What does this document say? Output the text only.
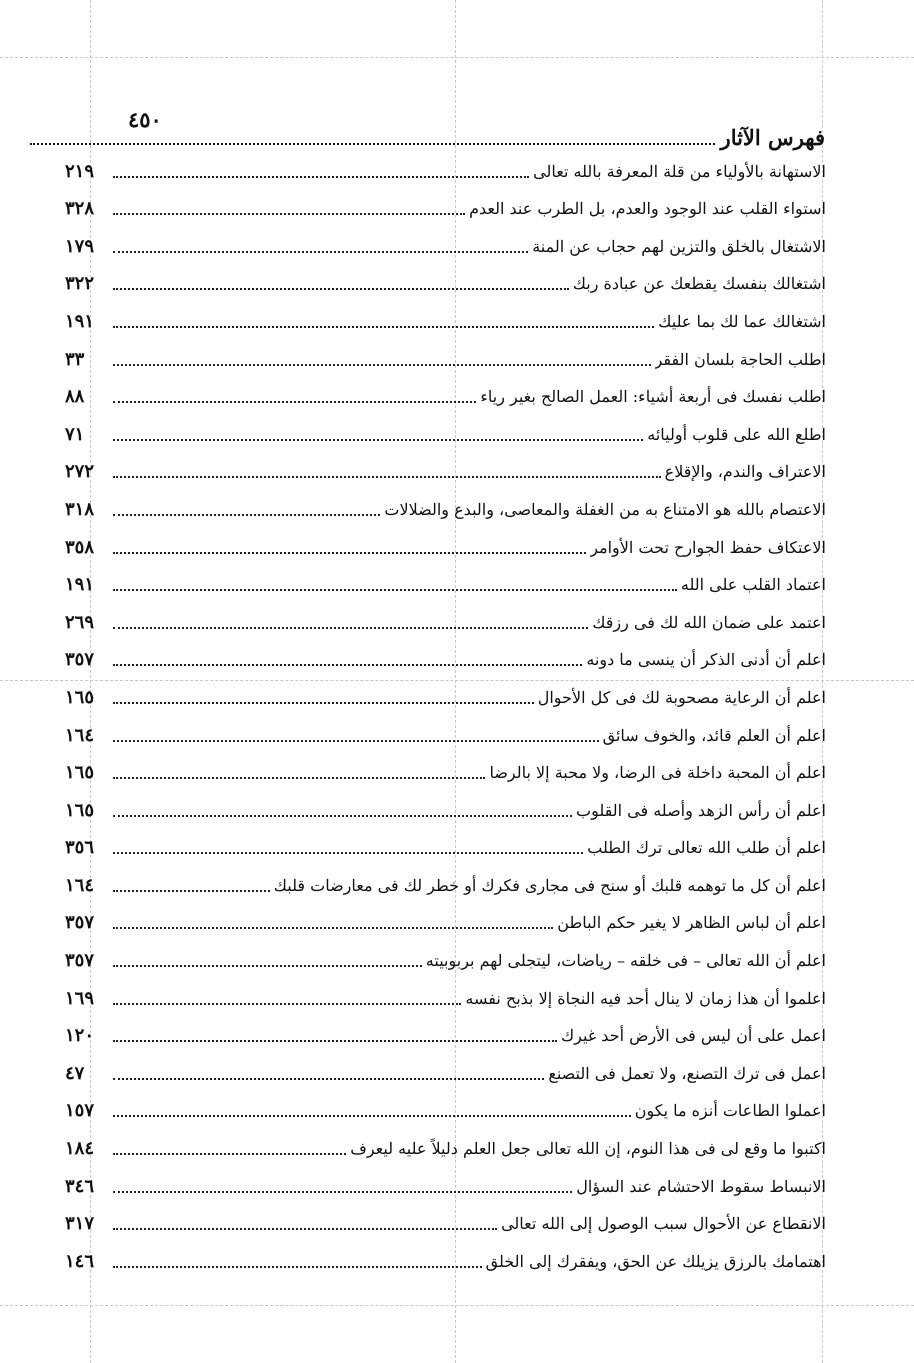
٤٥٠
فهرس الآثار
الاستهانة بالأولياء من قلة المعرفة بالله تعالى
٢١٩
استواء القلب عند الوجود والعدم، بل الطرب عند العدم
٣٢٨
الاشتغال بالخلق والتزين لهم حجاب عن المنة
١٧٩
اشتغالك بنفسك يقطعك عن عبادة ربك
٣٢٢
اشتغالك عما لك بما عليك
١٩١
اطلب الحاجة بلسان الفقر
٣٣
اطلب نفسك فى أربعة أشياء: العمل الصالح بغير رياء
٨٨
اطلع الله على قلوب أوليائه
٧١
الاعتراف والندم، والإقلاع
٢٧٢
الاعتصام بالله هو الامتناع به من الغفلة والمعاصى، والبدع والضلالات
٣١٨
الاعتكاف حفظ الجوارح تحت الأوامر
٣٥٨
اعتماد القلب على الله
١٩١
اعتمد على ضمان الله لك فى رزقك
٢٦٩
اعلم أن أدنى الذكر أن ينسى ما دونه
٣٥٧
اعلم أن الرعاية مصحوبة لك فى كل الأحوال
١٦٥
اعلم أن العلم قائد، والخوف سائق
١٦٤
اعلم أن المحبة داخلة فى الرضا، ولا محبة إلا بالرضا
١٦٥
اعلم أن رأس الزهد وأصله فى القلوب
١٦٥
اعلم أن طلب الله تعالى ترك الطلب
٣٥٦
اعلم أن كل ما توهمه قلبك أو سنح فى مجارى فكرك أو خطر لك فى معارضات قلبك
١٦٤
اعلم أن لباس الظاهر لا يغير حكم الباطن
٣٥٧
اعلم أن الله تعالى – فى خلقه – رياضات، ليتجلى لهم بربوبيته
٣٥٧
اعلموا أن هذا زمان لا ينال أحد فيه النجاة إلا بذبح نفسه
١٦٩
اعمل على أن ليس فى الأرض أحد غيرك
١٢٠
اعمل فى ترك التصنع، ولا تعمل فى التصنع
٤٧
اعملوا الطاعات أنزه ما يكون
١٥٧
اكتبوا ما وقع لى فى هذا النوم، إن الله تعالى جعل العلم دليلاً عليه ليعرف
١٨٤
الانبساط سقوط الاحتشام عند السؤال
٣٤٦
الانقطاع عن الأحوال سبب الوصول إلى الله تعالى
٣١٧
اهتمامك بالرزق يزيلك عن الحق، ويفقرك إلى الخلق
١٤٦
